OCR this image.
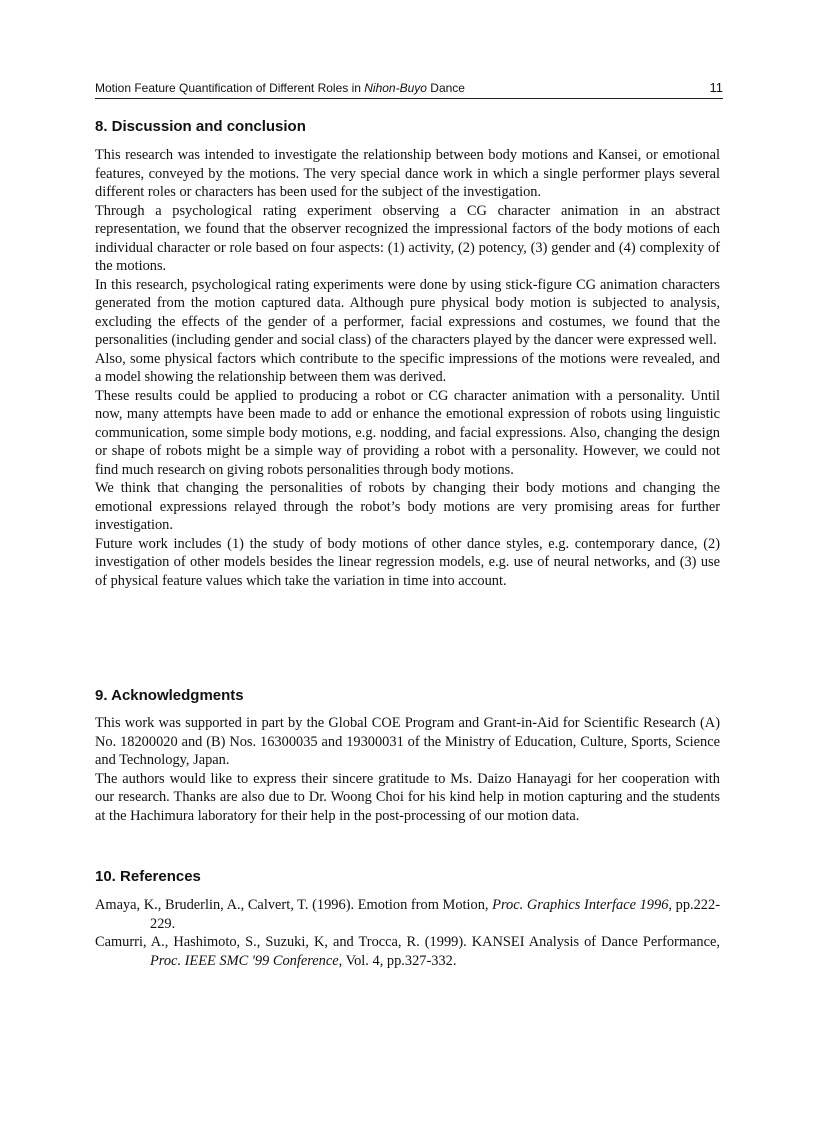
Motion Feature Quantification of Different Roles in Nihon-Buyo Dance	11
8. Discussion and conclusion

This research was intended to investigate the relationship between body motions and Kansei, or emotional features, conveyed by the motions. The very special dance work in which a single performer plays several different roles or characters has been used for the subject of the investigation.

Through a psychological rating experiment observing a CG character animation in an abstract representation, we found that the observer recognized the impressional factors of the body motions of each individual character or role based on four aspects: (1) activity, (2) potency, (3) gender and (4) complexity of the motions.

In this research, psychological rating experiments were done by using stick-figure CG animation characters generated from the motion captured data. Although pure physical body motion is subjected to analysis, excluding the effects of the gender of a performer, facial expressions and costumes, we found that the personalities (including gender and social class) of the characters played by the dancer were expressed well.

Also, some physical factors which contribute to the specific impressions of the motions were revealed, and a model showing the relationship between them was derived.

These results could be applied to producing a robot or CG character animation with a personality. Until now, many attempts have been made to add or enhance the emotional expression of robots using linguistic communication, some simple body motions, e.g. nodding, and facial expressions. Also, changing the design or shape of robots might be a simple way of providing a robot with a personality. However, we could not find much research on giving robots personalities through body motions.

We think that changing the personalities of robots by changing their body motions and changing the emotional expressions relayed through the robot’s body motions are very promising areas for further investigation.

Future work includes (1) the study of body motions of other dance styles, e.g. contemporary dance, (2) investigation of other models besides the linear regression models, e.g. use of neural networks, and (3) use of physical feature values which take the variation in time into account.

9. Acknowledgments

This work was supported in part by the Global COE Program and Grant-in-Aid for Scientific Research (A) No. 18200020 and (B) Nos. 16300035 and 19300031 of the Ministry of Education, Culture, Sports, Science and Technology, Japan.

The authors would like to express their sincere gratitude to Ms. Daizo Hanayagi for her cooperation with our research. Thanks are also due to Dr. Woong Choi for his kind help in motion capturing and the students at the Hachimura laboratory for their help in the post-processing of our motion data.

10. References

Amaya, K., Bruderlin, A., Calvert, T. (1996). Emotion from Motion, Proc. Graphics Interface 1996, pp.222-229.

Camurri, A., Hashimoto, S., Suzuki, K, and Trocca, R. (1999). KANSEI Analysis of Dance Performance, Proc. IEEE SMC '99 Conference, Vol. 4, pp.327-332.
